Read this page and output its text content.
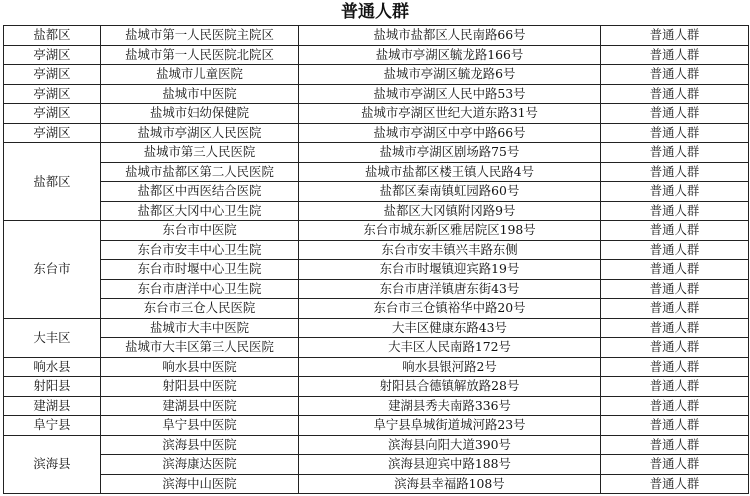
普通人群
盐都区	盐城市第一人民医院主院区	盐城市盐都区人民南路66号	普通人群
亭湖区	盐城市第一人民医院北院区	盐城市亭湖区毓龙路166号	普通人群
亭湖区	盐城市儿童医院	盐城市亭湖区毓龙路6号	普通人群
亭湖区	盐城市中医院	盐城市亭湖区人民中路53号	普通人群
亭湖区	盐城市妇幼保健院	盐城市亭湖区世纪大道东路31号	普通人群
亭湖区	盐城市亭湖区人民医院	盐城市亭湖区中亭中路66号	普通人群
盐都区	盐城市第三人民医院	盐城市亭湖区剧场路75号	普通人群
	盐城市盐都区第二人民医院	盐城市盐都区楼王镇人民路4号	普通人群
	盐都区中西医结合医院	盐都区秦南镇虹园路60号	普通人群
	盐都区大冈中心卫生院	盐都区大冈镇附冈路9号	普通人群
东台市	东台市中医院	东台市城东新区雅居院区198号	普通人群
	东台市安丰中心卫生院	东台市安丰镇兴丰路东侧	普通人群
	东台市时堰中心卫生院	东台市时堰镇迎宾路19号	普通人群
	东台市唐洋中心卫生院	东台市唐洋镇唐东街43号	普通人群
	东台市三仓人民医院	东台市三仓镇裕华中路20号	普通人群
大丰区	盐城市大丰中医院	大丰区健康东路43号	普通人群
	盐城市大丰区第三人民医院	大丰区人民南路172号	普通人群
响水县	响水县中医院	响水县银河路2号	普通人群
射阳县	射阳县中医院	射阳县合德镇解放路28号	普通人群
建湖县	建湖县中医院	建湖县秀夫南路336号	普通人群
阜宁县	阜宁县中医院	阜宁县阜城街道城河路23号	普通人群
滨海县	滨海县中医院	滨海县向阳大道390号	普通人群
	滨海康达医院	滨海县迎宾中路188号	普通人群
	滨海中山医院	滨海县幸福路108号	普通人群
